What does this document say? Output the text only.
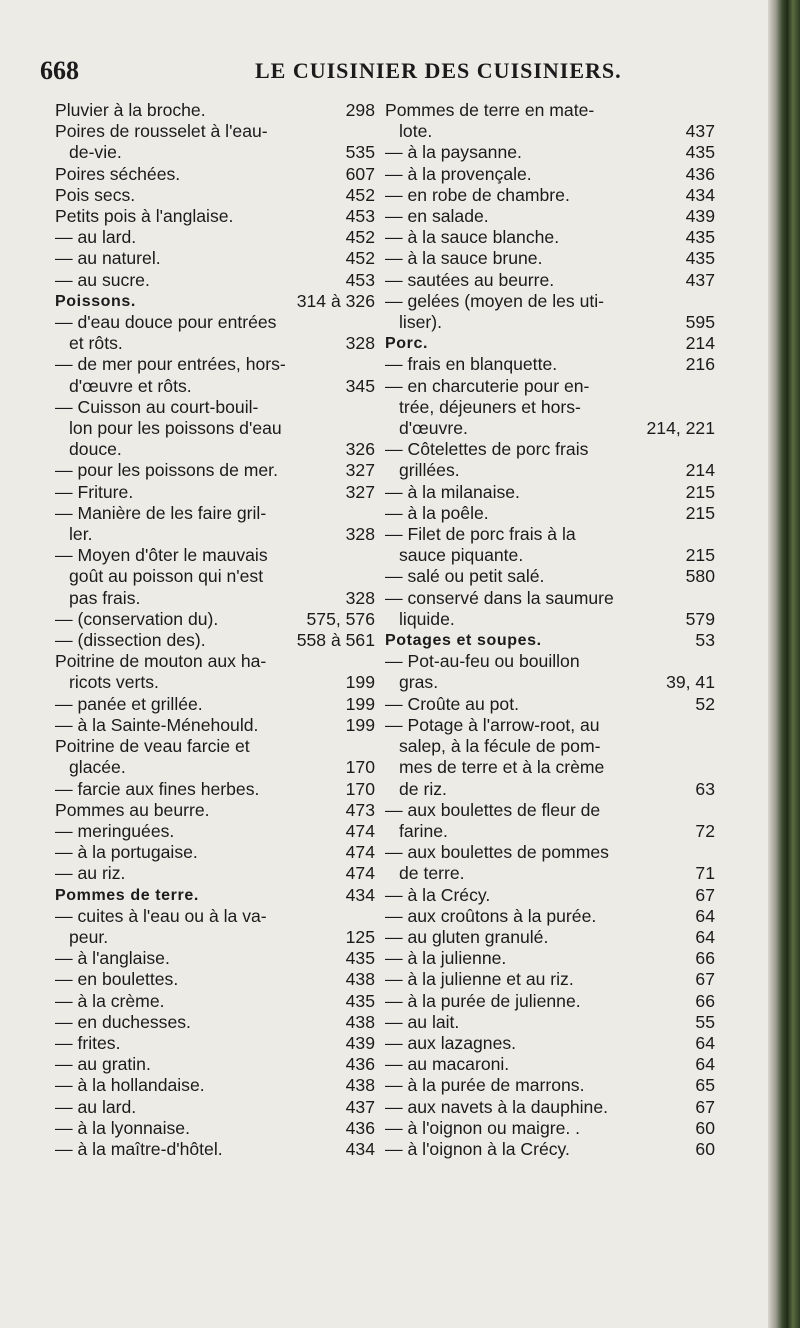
668	LE CUISINIER DES CUISINIERS.
Pluvier à la broche.	298
Poires de rousselet à l'eau-
de-vie.	535
Poires séchées.	607
Pois secs.	452
Petits pois à l'anglaise.	453
— au lard.	452
— au naturel.	452
— au sucre.	453
Poissons.	314 à 326
— d'eau douce pour entrées
et rôts.	328
— de mer pour entrées, hors-
d'œuvre et rôts.	345
— Cuisson au court-bouil-
lon pour les poissons d'eau
douce.	326
— pour les poissons de mer.	327
— Friture.	327
— Manière de les faire gril-
ler.	328
— Moyen d'ôter le mauvais
goût au poisson qui n'est
pas frais.	328
— (conservation du).	575, 576
— (dissection des).	558 à 561
Poitrine de mouton aux ha-
ricots verts.	199
— panée et grillée.	199
— à la Sainte-Ménehould.	199
Poitrine de veau farcie et
glacée.	170
— farcie aux fines herbes.	170
Pommes au beurre.	473
— meringuées.	474
— à la portugaise.	474
— au riz.	474
Pommes de terre.	434
— cuites à l'eau ou à la va-
peur.	125
— à l'anglaise.	435
— en boulettes.	438
— à la crème.	435
— en duchesses.	438
— frites.	439
— au gratin.	436
— à la hollandaise.	438
— au lard.	437
— à la lyonnaise.	436
— à la maître-d'hôtel.	434
Pommes de terre en mate-
lote.	437
— à la paysanne.	435
— à la provençale.	436
— en robe de chambre.	434
— en salade.	439
— à la sauce blanche.	435
— à la sauce brune.	435
— sautées au beurre.	437
— gelées (moyen de les uti-
liser).	595
Porc.	214
— frais en blanquette.	216
— en charcuterie pour en-
trée, déjeuners et hors-
d'œuvre.	214, 221
— Côtelettes de porc frais
grillées.	214
— à la milanaise.	215
— à la poêle.	215
— Filet de porc frais à la
sauce piquante.	215
— salé ou petit salé.	580
— conservé dans la saumure
liquide.	579
Potages et soupes.	53
— Pot-au-feu ou bouillon
gras.	39, 41
— Croûte au pot.	52
— Potage à l'arrow-root, au
salep, à la fécule de pom-
mes de terre et à la crème
de riz.	63
— aux boulettes de fleur de
farine.	72
— aux boulettes de pommes
de terre.	71
— à la Crécy.	67
— aux croûtons à la purée.	64
— au gluten granulé.	64
— à la julienne.	66
— à la julienne et au riz.	67
— à la purée de julienne.	66
— au lait.	55
— aux lazagnes.	64
— au macaroni.	64
— à la purée de marrons.	65
— aux navets à la dauphine.	67
— à l'oignon ou maigre. .	60
— à l'oignon à la Crécy.	60
